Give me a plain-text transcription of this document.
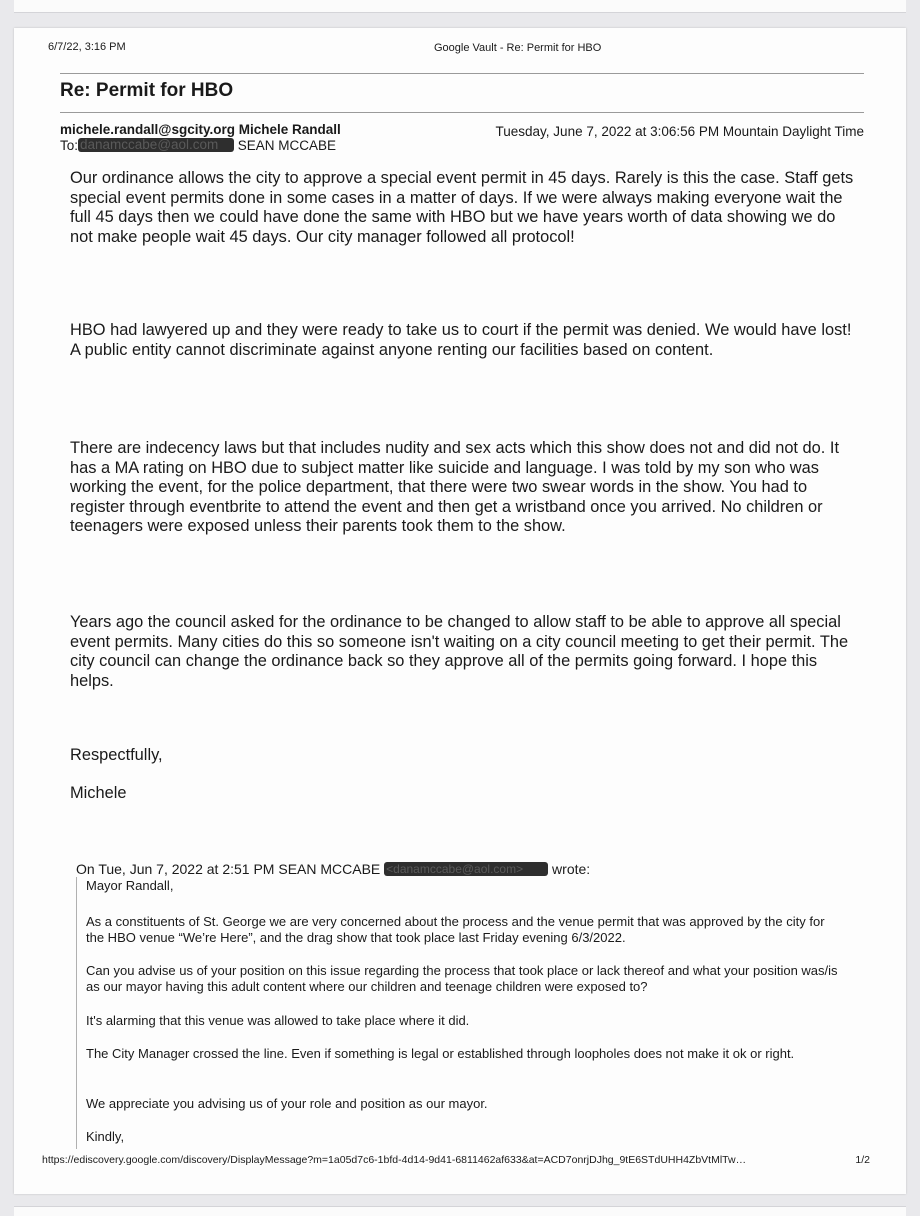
6/7/22, 3:16 PM	Google Vault - Re: Permit for HBO
Re: Permit for HBO
michele.randall@sgcity.org Michele Randall	Tuesday, June 7, 2022 at 3:06:56 PM Mountain Daylight Time
To: danamccabe@aol.com SEAN MCCABE

Our ordinance allows the city to approve a special event permit in 45 days. Rarely is this the case. Staff gets special event permits done in some cases in a matter of days. If we were always making everyone wait the full 45 days then we could have done the same with HBO but we have years worth of data showing we do not make people wait 45 days. Our city manager followed all protocol!

HBO had lawyered up and they were ready to take us to court if the permit was denied. We would have lost! A public entity cannot discriminate against anyone renting our facilities based on content.

There are indecency laws but that includes nudity and sex acts which this show does not and did not do. It has a MA rating on HBO due to subject matter like suicide and language. I was told by my son who was working the event, for the police department, that there were two swear words in the show. You had to register through eventbrite to attend the event and then get a wristband once you arrived. No children or teenagers were exposed unless their parents took them to the show.

Years ago the council asked for the ordinance to be changed to allow staff to be able to approve all special event permits. Many cities do this so someone isn't waiting on a city council meeting to get their permit. The city council can change the ordinance back so they approve all of the permits going forward. I hope this helps.

Respectfully,

Michele

On Tue, Jun 7, 2022 at 2:51 PM SEAN MCCABE <danamccabe@aol.com> wrote:

Mayor Randall,

As a constituents of St. George we are very concerned about the process and the venue permit that was approved by the city for the HBO venue “We’re Here”, and the drag show that took place last Friday evening 6/3/2022.

Can you advise us of your position on this issue regarding the process that took place or lack thereof and what your position was/is as our mayor having this adult content where our children and teenage children were exposed to?

It's alarming that this venue was allowed to take place where it did.

The City Manager crossed the line. Even if something is legal or established through loopholes does not make it ok or right.

We appreciate you advising us of your role and position as our mayor.

Kindly,

https://ediscovery.google.com/discovery/DisplayMessage?m=1a05d7c6-1bfd-4d14-9d41-6811462af633&at=ACD7onrjDJhg_9tE6STdUHH4ZbVtMlTw…	1/2
